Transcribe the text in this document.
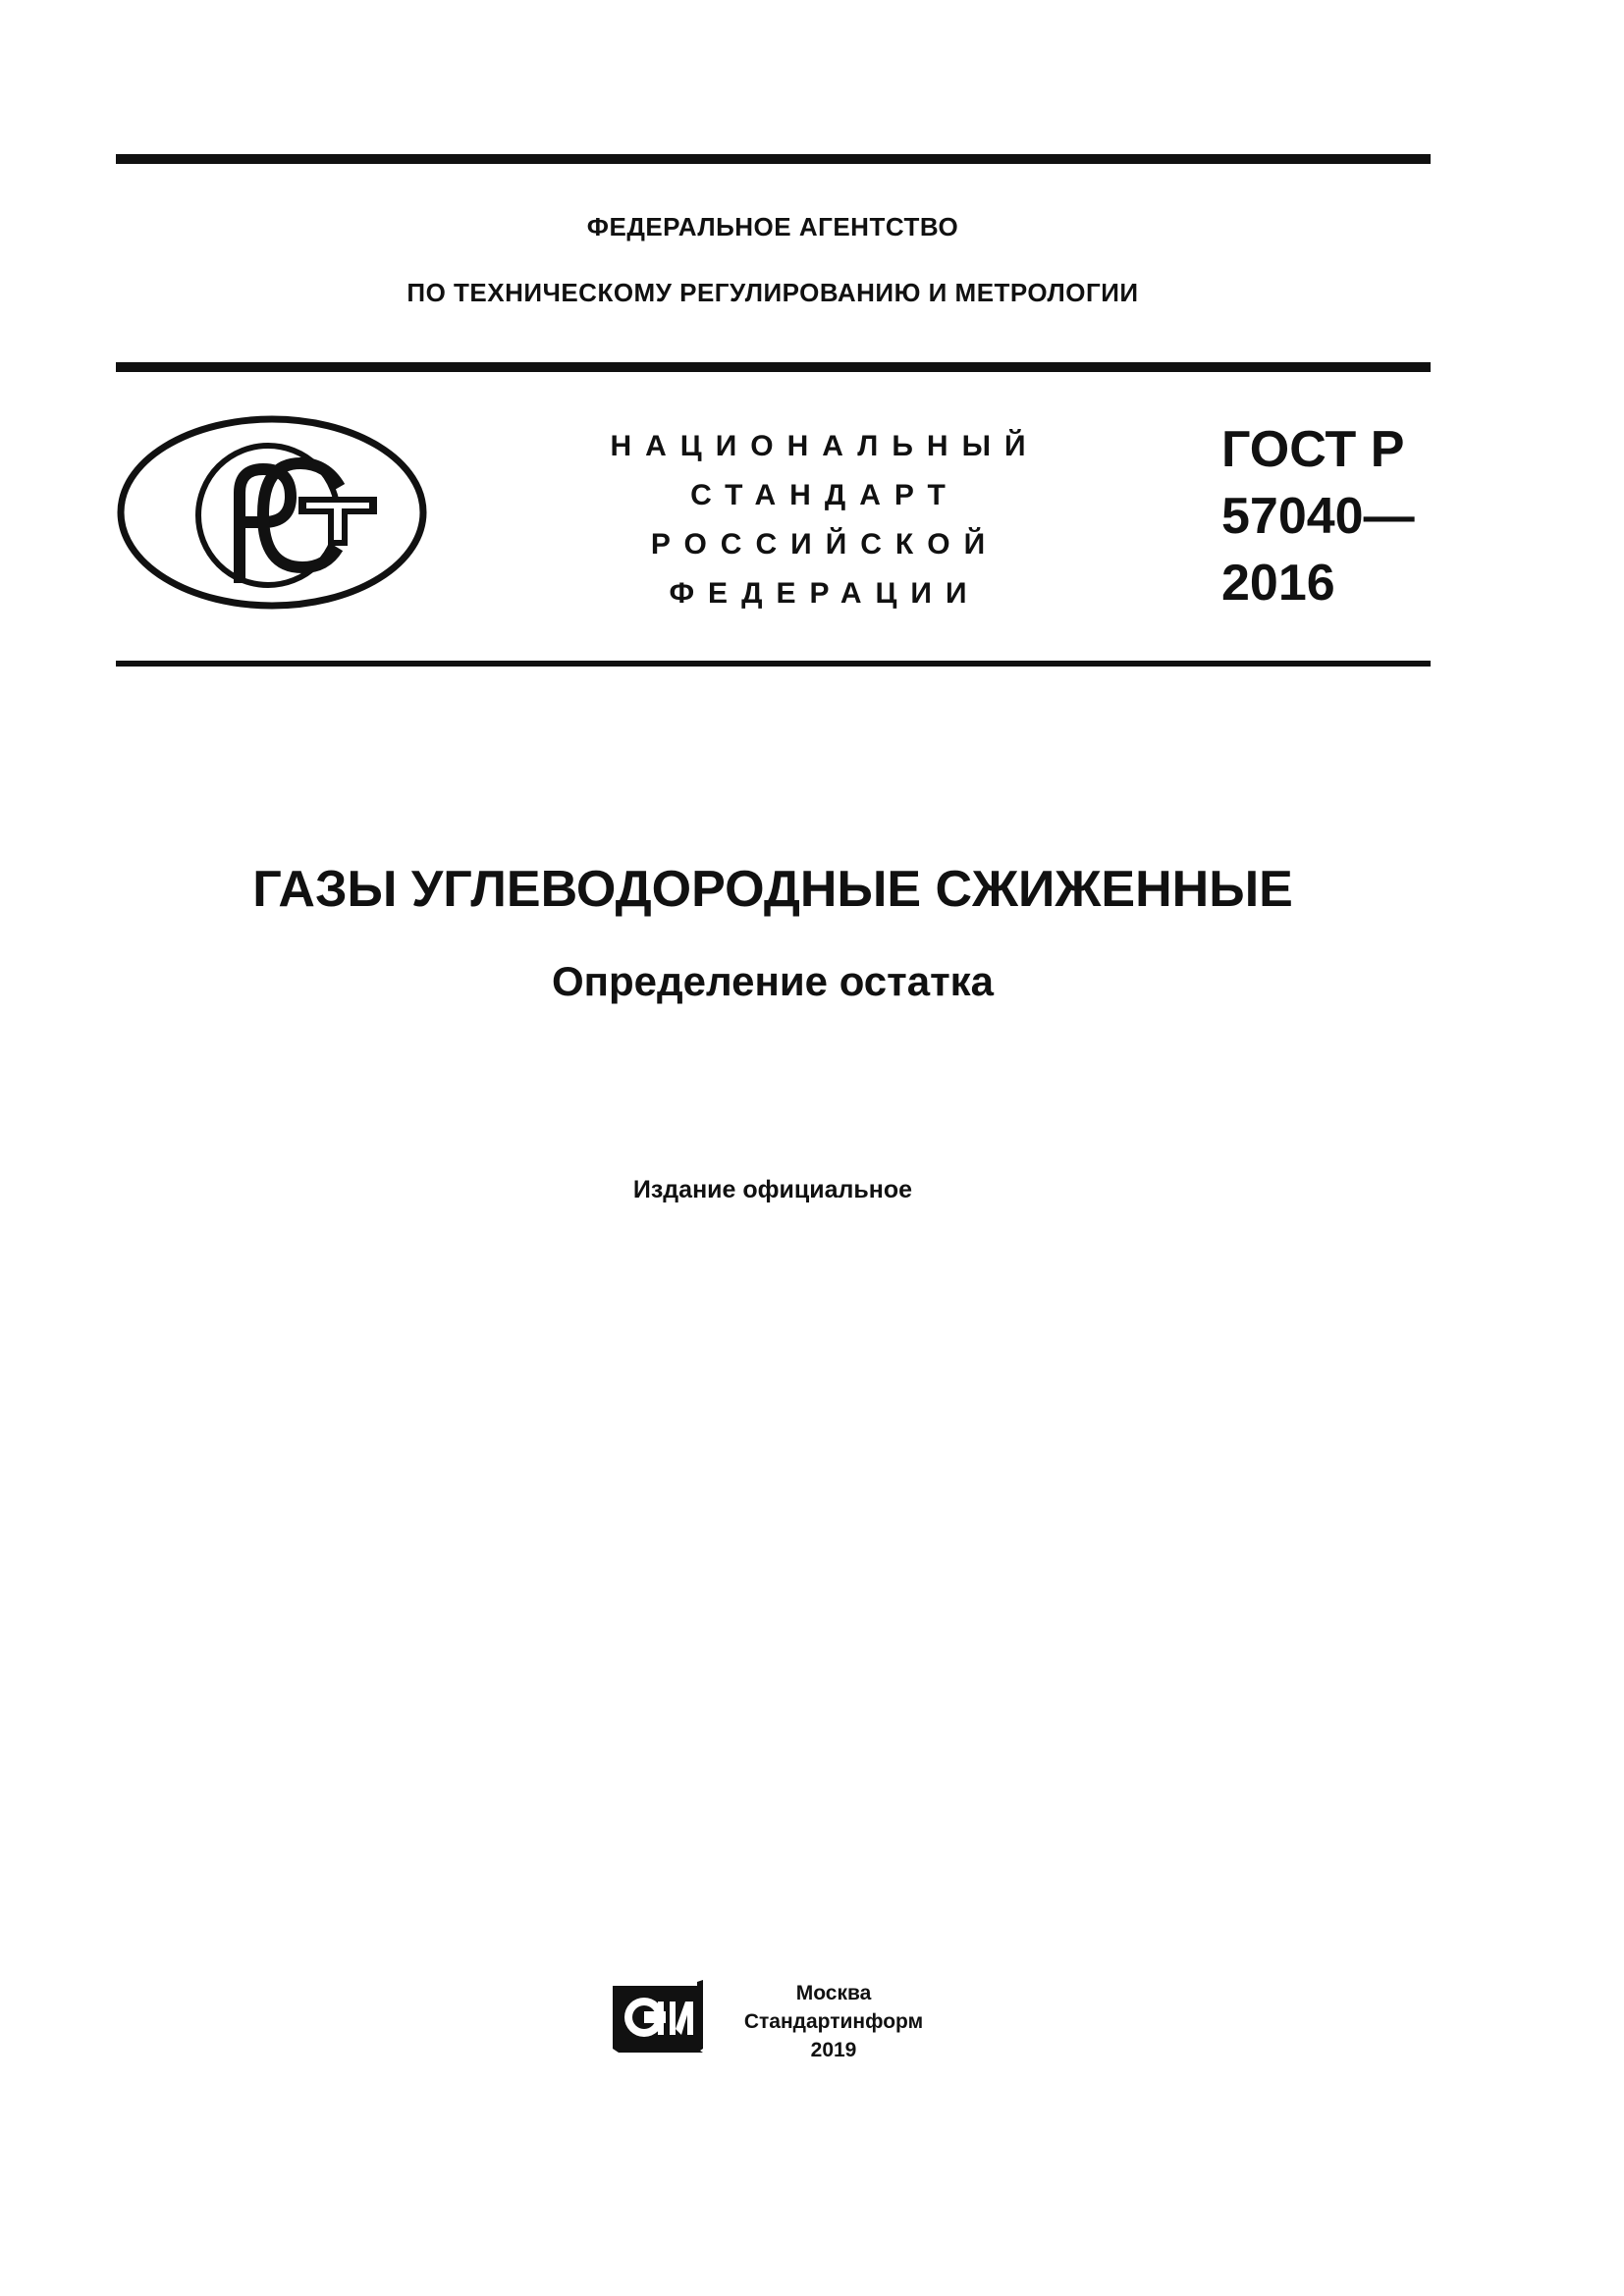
ФЕДЕРАЛЬНОЕ АГЕНТСТВО
ПО ТЕХНИЧЕСКОМУ РЕГУЛИРОВАНИЮ И МЕТРОЛОГИИ
НАЦИОНАЛЬНЫЙ
СТАНДАРТ
РОССИЙСКОЙ
ФЕДЕРАЦИИ
ГОСТ Р
57040—
2016
ГАЗЫ УГЛЕВОДОРОДНЫЕ СЖИЖЕННЫЕ
Определение остатка
Издание официальное
Москва
Стандартинформ
2019
